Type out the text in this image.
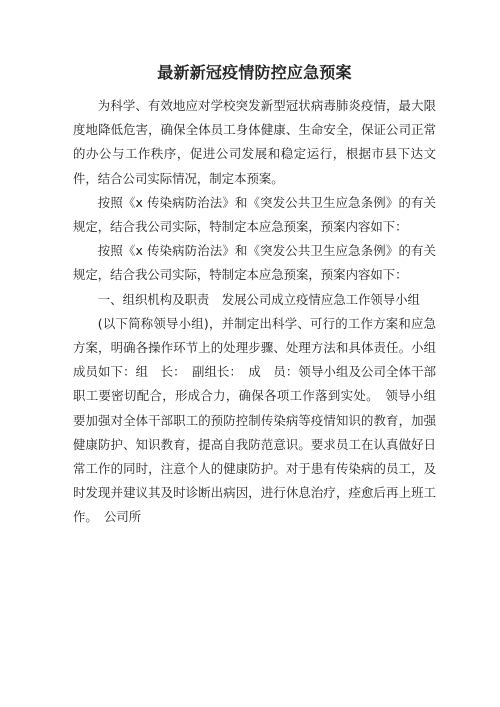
最新新冠疫情防控应急预案

为科学、有效地应对学校突发新型冠状病毒肺炎疫情，最大限度地降低危害，确保全体员工身体健康、生命安全，保证公司正常的办公与工作秩序，促进公司发展和稳定运行，根据市县下达文件，结合公司实际情况，制定本预案。

按照《x 传染病防治法》和《突发公共卫生应急条例》的有关规定，结合我公司实际，特制定本应急预案，预案内容如下：

按照《x 传染病防治法》和《突发公共卫生应急条例》的有关规定，结合我公司实际，特制定本应急预案，预案内容如下：

一、组织机构及职责　发展公司成立疫情应急工作领导小组

(以下简称领导小组)，并制定出科学、可行的工作方案和应急方案，明确各操作环节上的处理步骤、处理方法和具体责任。小组成员如下：组　长：　副组长：　成　员：领导小组及公司全体干部职工要密切配合，形成合力，确保各项工作落到实处。　领导小组要加强对全体干部职工的预防控制传染病等疫情知识的教育，加强健康防护、知识教育，提高自我防范意识。要求员工在认真做好日常工作的同时，注意个人的健康防护。对于患有传染病的员工，及时发现并建议其及时诊断出病因，进行休息治疗，痊愈后再上班工作。　公司所
